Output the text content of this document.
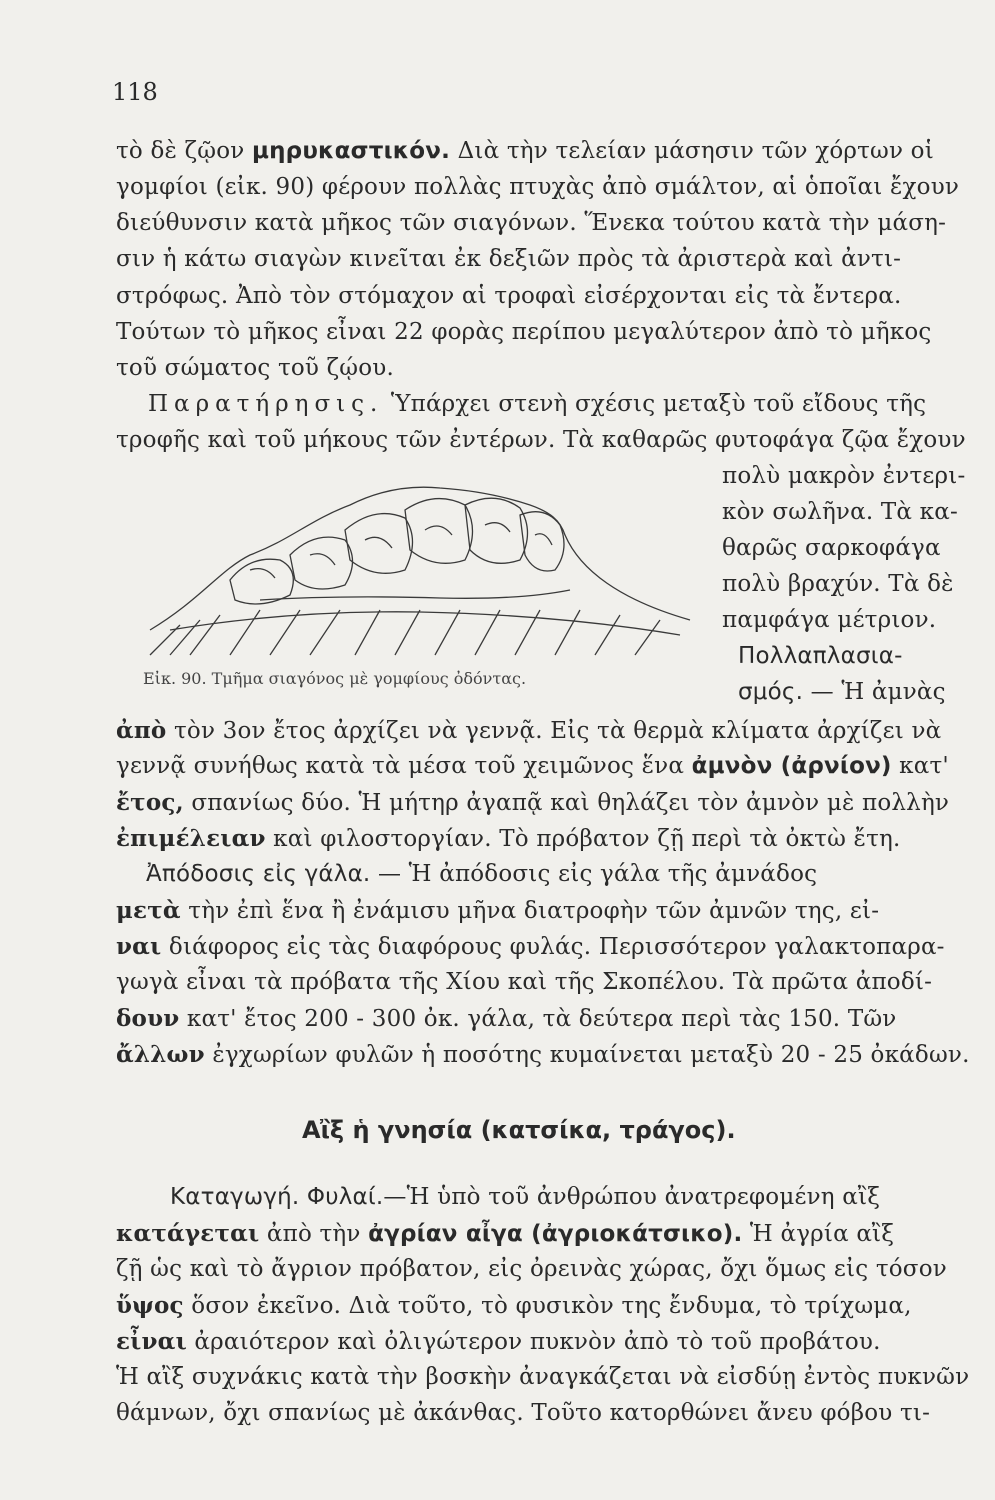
118
τὸ δὲ ζῷον μηρυκαστικόν. Διὰ τὴν τελείαν μάσησιν τῶν χόρτων οἱ
γομφίοι (εἰκ. 90) φέρουν πολλὰς πτυχὰς ἀπὸ σμάλτον, αἱ ὁποῖαι ἔχουν
διεύθυνσιν κατὰ μῆκος τῶν σιαγόνων. Ἕνεκα τούτου κατὰ τὴν μάση-
σιν ἡ κάτω σιαγὼν κινεῖται ἐκ δεξιῶν πρὸς τὰ ἀριστερὰ καὶ ἀντι-
στρόφως. Ἀπὸ τὸν στόμαχον αἱ τροφαὶ εἰσέρχονται εἰς τὰ ἔντερα.
Τούτων τὸ μῆκος εἶναι 22 φορὰς περίπου μεγαλύτερον ἀπὸ τὸ μῆκος
τοῦ σώματος τοῦ ζῴου.
Παρατήρησις. Ὑπάρχει στενὴ σχέσις μεταξὺ τοῦ εἴδους τῆς
τροφῆς καὶ τοῦ μήκους τῶν ἐντέρων. Τὰ καθαρῶς φυτοφάγα ζῷα ἔχουν
Εἰκ. 90. Τμῆμα σιαγόνος μὲ γομφίους ὀδόντας.
πολὺ μακρὸν ἐντερι-
κὸν σωλῆνα. Τὰ κα-
θαρῶς σαρκοφάγα
πολὺ βραχύν. Τὰ δὲ
παμφάγα μέτριον.
Πολλαπλασια-
σμός. — Ἡ ἀμνὰς
ἀπὸ τὸν 3ον ἔτος ἀρχίζει νὰ γεννᾷ. Εἰς τὰ θερμὰ κλίματα ἀρχίζει νὰ
γεννᾷ συνήθως κατὰ τὰ μέσα τοῦ χειμῶνος ἕνα ἀμνὸν (ἀρνίον) κατ'
ἔτος, σπανίως δύο. Ἡ μήτηρ ἀγαπᾷ καὶ θηλάζει τὸν ἀμνὸν μὲ πολλὴν
ἐπιμέλειαν καὶ φιλοστοργίαν. Τὸ πρόβατον ζῇ περὶ τὰ ὀκτὼ ἔτη.
Ἀπόδοσις εἰς γάλα. — Ἡ ἀπόδοσις εἰς γάλα τῆς ἀμνάδος
μετὰ τὴν ἐπὶ ἕνα ἢ ἐνάμισυ μῆνα διατροφὴν τῶν ἀμνῶν της, εἰ-
ναι διάφορος εἰς τὰς διαφόρους φυλάς. Περισσότερον γαλακτοπαρα-
γωγὰ εἶναι τὰ πρόβατα τῆς Χίου καὶ τῆς Σκοπέλου. Τὰ πρῶτα ἀποδί-
δουν κατ' ἔτος 200 - 300 ὀκ. γάλα, τὰ δεύτερα περὶ τὰς 150. Τῶν
ἄλλων ἐγχωρίων φυλῶν ἡ ποσότης κυμαίνεται μεταξὺ 20 - 25 ὀκάδων.
Αἲξ ἡ γνησία (κατσίκα, τράγος).
Καταγωγή. Φυλαί.—Ἡ ὑπὸ τοῦ ἀνθρώπου ἀνατρεφομένη αἲξ
κατάγεται ἀπὸ τὴν ἀγρίαν αἶγα (ἀγριοκάτσικο). Ἡ ἀγρία αἲξ
ζῇ ὡς καὶ τὸ ἄγριον πρόβατον, εἰς ὀρεινὰς χώρας, ὄχι ὅμως εἰς τόσον
ὕψος ὅσον ἐκεῖνο. Διὰ τοῦτο, τὸ φυσικὸν της ἔνδυμα, τὸ τρίχωμα,
εἶναι ἀραιότερον καὶ ὀλιγώτερον πυκνὸν ἀπὸ τὸ τοῦ προβάτου.
Ἡ αἲξ συχνάκις κατὰ τὴν βοσκὴν ἀναγκάζεται νὰ εἰσδύῃ ἐντὸς πυκνῶν
θάμνων, ὄχι σπανίως μὲ ἀκάνθας. Τοῦτο κατορθώνει ἄνευ φόβου τι-
